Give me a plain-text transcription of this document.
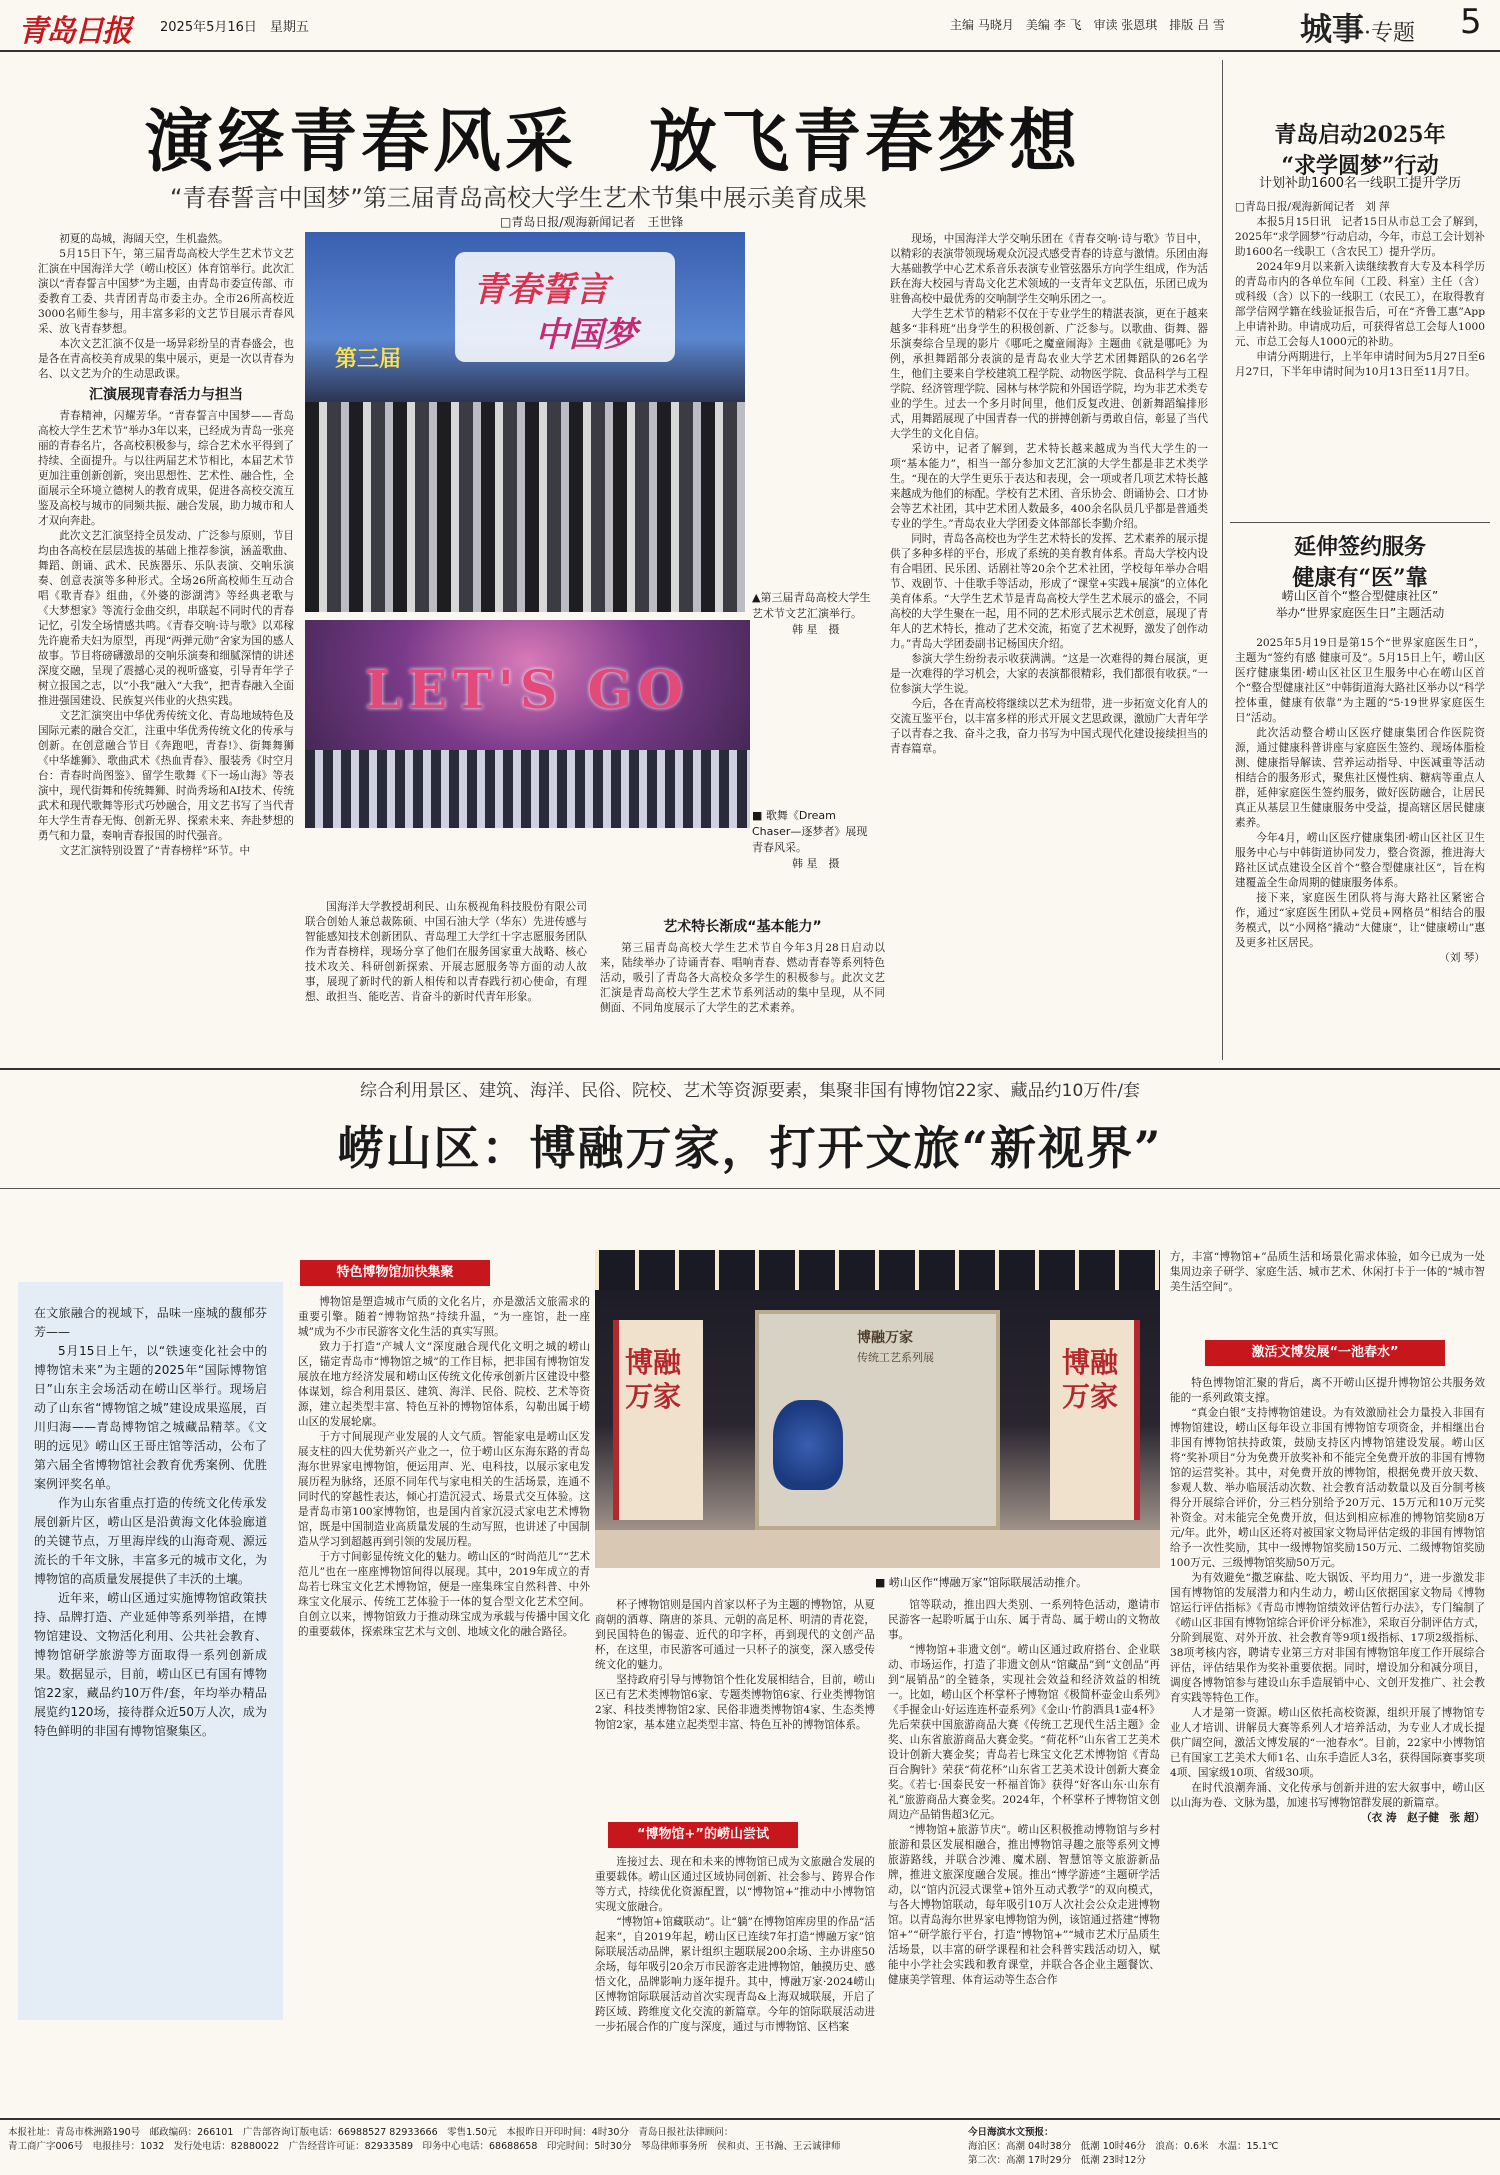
青岛日报 2025年5月16日　星期五	主编 马晓月　美编 李 飞　审读 张恩琪　排版 吕 雪 城事·专题 5
演绎青春风采　放飞青春梦想
“青春誓言中国梦”第三届青岛高校大学生艺术节集中展示美育成果
□青岛日报/观海新闻记者　王世锋

初夏的岛城，海阔天空，生机盎然。

5月15日下午，第三届青岛高校大学生艺术节文艺汇演在中国海洋大学（崂山校区）体育馆举行。此次汇演以“青春誓言中国梦”为主题，由青岛市委宣传部、市委教育工委、共青团青岛市委主办。全市26所高校近3000名师生参与，用丰富多彩的文艺节目展示青春风采、放飞青春梦想。

本次文艺汇演不仅是一场异彩纷呈的青春盛会，也是各在青高校美育成果的集中展示，更是一次以青春为名、以文艺为介的生动思政课。

汇演展现青春活力与担当

青春精神，闪耀芳华。“青春誓言中国梦——青岛高校大学生艺术节”举办3年以来，已经成为青岛一张亮丽的青春名片，各高校积极参与，综合艺术水平得到了持续、全面提升。与以往两届艺术节相比，本届艺术节更加注重创新创新，突出思想性、艺术性、融合性，全面展示全环境立德树人的教育成果，促进各高校交流互鉴及高校与城市的同频共振、融合发展，助力城市和人才双向奔赴。

此次文艺汇演坚持全员发动、广泛参与原则，节目均由各高校在层层选拔的基础上推荐参演，涵盖歌曲、舞蹈、朗诵、武术、民族器乐、乐队表演、交响乐演奏、创意表演等多种形式。全场26所高校师生互动合唱《歌青春》组曲，《外婆的澎湖湾》等经典老歌与《大梦想家》等流行金曲交织，串联起不同时代的青春记忆，引发全场情感共鸣。《青春交响·诗与歌》以邓稼先许鹿希夫妇为原型，再现“两弹元勋”舍家为国的感人故事。节目将磅礴激昂的交响乐演奏和细腻深情的讲述深度交融，呈现了震撼心灵的视听盛宴，引导青年学子树立报国之志，以“小我”融入“大我”，把青春融入全面推进强国建设、民族复兴伟业的火热实践。

文艺汇演突出中华优秀传统文化、青岛地域特色及国际元素的融合交汇，注重中华优秀传统文化的传承与创新。在创意融合节目《奔跑吧，青春!》、街舞舞狮《中华雄狮》、歌曲武术《热血青春》、服装秀《时空月台：青春时尚图鉴》、留学生歌舞《下一场山海》等表演中，现代街舞和传统舞狮、时尚秀场和AI技术、传统武术和现代歌舞等形式巧妙融合，用文艺书写了当代青年大学生青春无悔、创新无界、探索未来、奔赴梦想的勇气和力量，奏响青春报国的时代强音。

文艺汇演特别设置了“青春榜样”环节。中

青春誓言
中国梦
第三届
▲第三届青岛高校大学生艺术节文艺汇演举行。
韩 星　摄
LET'S GO
■ 歌舞《Dream Chaser—逐梦者》展现青春风采。
韩 星　摄

国海洋大学教授胡利民、山东极视角科技股份有限公司联合创始人兼总裁陈硕、中国石油大学（华东）先进传感与智能感知技术创新团队、青岛理工大学红十字志愿服务团队作为青春榜样，现场分享了他们在服务国家重大战略、核心技术攻关、科研创新探索、开展志愿服务等方面的动人故事，展现了新时代的新人相传和以青春践行初心使命，有理想、敢担当、能吃苦、肯奋斗的新时代青年形象。

艺术特长渐成“基本能力”

第三届青岛高校大学生艺术节自今年3月28日启动以来，陆续举办了诗诵青春、唱响青春、燃动青春等系列特色活动，吸引了青岛各大高校众多学生的积极参与。此次文艺汇演是青岛高校大学生艺术节系列活动的集中呈现，从不同侧面、不同角度展示了大学生的艺术素养。

现场，中国海洋大学交响乐团在《青春交响·诗与歌》节目中，以精彩的表演带领现场观众沉浸式感受青春的诗意与激情。乐团由海大基础教学中心艺术系音乐表演专业管弦器乐方向学生组成，作为活跃在海大校园与青岛文化艺术领域的一支青年文艺队伍，乐团已成为驻鲁高校中最优秀的交响制学生交响乐团之一。

大学生艺术节的精彩不仅在于专业学生的精湛表演，更在于越来越多“非科班”出身学生的积极创新、广泛参与。以歌曲、街舞、器乐演奏综合呈现的影片《哪吒之魔童闹海》主题曲《就是哪吒》为例，承担舞蹈部分表演的是青岛农业大学艺术团舞蹈队的26名学生，他们主要来自学校建筑工程学院、动物医学院、食品科学与工程学院、经济管理学院、园林与林学院和外国语学院，均为非艺术类专业的学生。过去一个多月时间里，他们反复改进、创新舞蹈编排形式，用舞蹈展现了中国青春一代的拼搏创新与勇敢自信，彰显了当代大学生的文化自信。

采访中，记者了解到，艺术特长越来越成为当代大学生的一项“基本能力”，相当一部分参加文艺汇演的大学生都是非艺术类学生。“现在的大学生更乐于表达和表现，会一项或者几项艺术特长越来越成为他们的标配。学校有艺术团、音乐协会、朗诵协会、口才协会等艺术社团，其中艺术团人数最多，400余名队员几乎都是普通类专业的学生。”青岛农业大学团委文体部部长李勤介绍。

同时，青岛各高校也为学生艺术特长的发挥、艺术素养的展示提供了多种多样的平台，形成了系统的美育教育体系。青岛大学校内设有合唱团、民乐团、话剧社等20余个艺术社团，学校每年举办合唱节、戏剧节、十佳歌手等活动，形成了“课堂+实践+展演”的立体化美育体系。“大学生艺术节是青岛高校大学生艺术展示的盛会，不同高校的大学生聚在一起，用不同的艺术形式展示艺术创意，展现了青年人的艺术特长，推动了艺术交流，拓宽了艺术视野，激发了创作动力。”青岛大学团委副书记杨国庆介绍。

参演大学生纷纷表示收获满满。“这是一次难得的舞台展演，更是一次难得的学习机会，大家的表演都很精彩，我们都很有收获。”一位参演大学生说。

今后，各在青高校将继续以艺术为纽带，进一步拓宽文化育人的交流互鉴平台，以丰富多样的形式开展文艺思政课，激励广大青年学子以青春之我、奋斗之我，奋力书写为中国式现代化建设接续担当的青春篇章。

青岛启动2025年
“求学圆梦”行动
计划补助1600名一线职工提升学历
□青岛日报/观海新闻记者　刘 萍

本报5月15日讯　记者15日从市总工会了解到，2025年“求学圆梦”行动启动，今年，市总工会计划补助1600名一线职工（含农民工）提升学历。

2024年9月以来新入读继续教育大专及本科学历的青岛市内的各单位车间（工段、科室）主任（含）或科级（含）以下的一线职工（农民工），在取得教育部学信网学籍在线验证报告后，可在“齐鲁工惠”App上申请补助。申请成功后，可获得省总工会每人1000元、市总工会每人1000元的补助。

申请分两期进行，上半年申请时间为5月27日至6月27日，下半年申请时间为10月13日至11月7日。

延伸签约服务
健康有“医”靠
崂山区首个“整合型健康社区”
举办“世界家庭医生日”主题活动

2025年5月19日是第15个“世界家庭医生日”，主题为“签约有感 健康可及”。5月15日上午，崂山区医疗健康集团·崂山区社区卫生服务中心在崂山区首个“整合型健康社区”中韩街道海大路社区举办以“科学控体重，健康有依靠”为主题的“5·19世界家庭医生日”活动。

此次活动整合崂山区医疗健康集团合作医院资源，通过健康科普讲座与家庭医生签约、现场体脂检测、健康指导解读、营养运动指导、中医减重等活动相结合的服务形式，聚焦社区慢性病、糖病等重点人群，延伸家庭医生签约服务，做好医防融合，让居民真正从基层卫生健康服务中受益，提高辖区居民健康素养。

今年4月，崂山区医疗健康集团·崂山区社区卫生服务中心与中韩街道协同发力，整合资源，推进海大路社区试点建设全区首个“整合型健康社区”，旨在构建覆盖全生命周期的健康服务体系。

接下来，家庭医生团队将与海大路社区紧密合作，通过“家庭医生团队+党员+网格员”相结合的服务模式，以“小网格”撬动“大健康”，让“健康崂山”惠及更多社区居民。

（刘 琴）
综合利用景区、建筑、海洋、民俗、院校、艺术等资源要素，集聚非国有博物馆22家、藏品约10万件/套
崂山区：博融万家，打开文旅“新视界”

在文旅融合的视域下，品味一座城的馥郁芬芳——

5月15日上午，以“铁速变化社会中的博物馆未来”为主题的2025年“国际博物馆日”山东主会场活动在崂山区举行。现场启动了山东省“博物馆之城”建设成果巡展，百川归海——青岛博物馆之城藏品精萃。《文明的远见》崂山区王哥庄馆等活动，公布了第六届全省博物馆社会教育优秀案例、优胜案例评奖名单。

作为山东省重点打造的传统文化传承发展创新片区，崂山区是沿黄海文化体验廊道的关键节点，万里海岸线的山海奇观、源远流长的千年文脉，丰富多元的城市文化，为博物馆的高质量发展提供了丰沃的土壤。

近年来，崂山区通过实施博物馆政策扶持、品牌打造、产业延伸等系列举措，在博物馆建设、文物活化利用、公共社会教育、博物馆研学旅游等方面取得一系列创新成果。数据显示，目前，崂山区已有国有博物馆22家，藏品约10万件/套，年均举办精品展览约120场，接待群众近50万人次，成为特色鲜明的非国有博物馆聚集区。

特色博物馆加快集聚

博物馆是塑造城市气质的文化名片，亦是激活文旅需求的重要引擎。随着“博物馆热”持续升温，“为一座馆，赴一座城”成为不少市民游客文化生活的真实写照。

致力于打造“产城人文”深度融合现代化文明之城的崂山区，锚定青岛市“博物馆之城”的工作目标，把非国有博物馆发展放在地方经济发展和崂山区传统文化传承创新片区建设中整体谋划，综合利用景区、建筑、海洋、民俗、院校、艺术等资源，建立起类型丰富、特色互补的博物馆体系，勾勒出属于崂山区的发展轮廓。

于方寸间展现产业发展的人文气质。智能家电是崂山区发展支柱的四大优势新兴产业之一，位于崂山区东海东路的青岛海尔世界家电博物馆，便运用声、光、电科技，以展示家电发展历程为脉络，还原不同年代与家电相关的生活场景，连通不同时代的穿越性表达，倾心打造沉浸式、场景式交互体验。这是青岛市第100家博物馆，也是国内首家沉浸式家电艺术博物馆，既是中国制造业高质量发展的生动写照，也讲述了中国制造从学习到超越再到引领的发展历程。

于方寸间彰显传统文化的魅力。崂山区的“时尚范儿”“艺术范儿”也在一座座博物馆间得以展现。其中，2019年成立的青岛若七珠宝文化艺术博物馆，便是一座集珠宝自然科普、中外珠宝文化展示、传统工艺体验于一体的复合型文化艺术空间。自创立以来，博物馆致力于推动珠宝成为承载与传播中国文化的重要载体，探索珠宝艺术与文创、地域文化的融合路径。

博融
万家
博融万家
传统工艺系列展	博融
万家
■ 崂山区作“博融万家”馆际联展活动推介。

杯子博物馆则是国内首家以杯子为主题的博物馆，从夏商朝的酒尊、隋唐的茶具、元朝的高足杯、明清的青花瓷，到民国特色的锡壶、近代的印字杯，再到现代的文创产品杯，在这里，市民游客可通过一只杯子的演变，深入感受传统文化的魅力。

坚持政府引导与博物馆个性化发展相结合，目前，崂山区已有艺术类博物馆6家、专题类博物馆6家、行业类博物馆2家、科技类博物馆2家、民俗非遗类博物馆4家、生态类博物馆2家，基本建立起类型丰富、特色互补的博物馆体系。

“博物馆+”的崂山尝试

连接过去、现在和未来的博物馆已成为文旅融合发展的重要载体。崂山区通过区域协同创新、社会参与、跨界合作等方式，持续优化资源配置，以“博物馆+”推动中小博物馆实现文旅融合。

“博物馆+馆藏联动”。让“躺”在博物馆库房里的作品“活起来”，自2019年起，崂山区已连续7年打造“博融万家”馆际联展活动品牌，累计组织主题联展200余场、主办讲座50余场，每年吸引20余万市民游客走进博物馆，触摸历史、感悟文化，品牌影响力逐年提升。其中，博融万家·2024崂山区博物馆际联展活动首次实现青岛&上海双城联展，开启了跨区域、跨维度文化交流的新篇章。今年的馆际联展活动进一步拓展合作的广度与深度，通过与市博物馆、区档案

馆等联动，推出四大类别、一系列特色活动，邀请市民游客一起聆听属于山东、属于青岛、属于崂山的文物故事。

“博物馆+非遗文创”。崂山区通过政府搭台、企业联动、市场运作，打造了非遗文创从“馆藏品”到“文创品”再到“展销品”的全链条，实现社会效益和经济效益的相统一。比如，崂山区个杯掌杯子博物馆《极简杯壶金山系列》《手握金山·好运连连杯壶系列》《金山·竹韵酒具1壶4杯》先后荣获中国旅游商品大赛《传统工艺现代生活主题》金奖、山东省旅游商品大赛金奖。“荷花杯”山东省工艺美术设计创新大赛金奖；青岛若七珠宝文化艺术博物馆《青岛百合胸针》荣获“荷花杯”山东省工艺美术设计创新大赛金奖。《若七·国泰民安一杯福首饰》获得“好客山东·山东有礼”旅游商品大赛金奖。2024年，个杯掌杯子博物馆文创周边产品销售超3亿元。

“博物馆+旅游节庆”。崂山区积极推动博物馆与乡村旅游和景区发展相融合，推出博物馆寻趣之旅等系列文博旅游路线，并联合沙滩、魔术剧、智慧馆等文旅游新品牌，推进文旅深度融合发展。推出“博学游迹”主题研学活动，以“馆内沉浸式课堂+馆外互动式教学”的双向模式，与各大博物馆联动，每年吸引10万人次社会公众走进博物馆。以青岛海尔世界家电博物馆为例，该馆通过搭建“博物馆+”“研学旅行平台，打造“博物馆+”“城市艺术厅品质生活场景，以丰富的研学课程和社会科普实践活动切入，赋能中小学社会实践和教育课堂，并联合各企业主题餐饮、健康美学管理、体育运动等生态合作

方，丰富“博物馆+”品质生活和场景化需求体验，如今已成为一处集周边亲子研学、家庭生活、城市艺术、休闲打卡于一体的“城市智美生活空间”。

激活文博发展“一池春水”

特色博物馆汇聚的背后，离不开崂山区提升博物馆公共服务效能的一系列政策支撑。

“真金白银”支持博物馆建设。为有效激励社会力量投入非国有博物馆建设，崂山区每年设立非国有博物馆专项资金，并相继出台非国有博物馆扶持政策，鼓励支持区内博物馆建设发展。崂山区将“奖补项目”分为免费开放奖补和不能完全免费开放的非国有博物馆的运营奖补。其中，对免费开放的博物馆，根据免费开放天数、参观人数、举办临展活动次数、社会教育活动数量以及百分制考核得分开展综合评价，分三档分别给予20万元、15万元和10万元奖补资金。对未能完全免费开放，但达到相应标准的博物馆奖励8万元/年。此外，崂山区还将对被国家文物局评估定级的非国有博物馆给予一次性奖励，其中一级博物馆奖励150万元、二级博物馆奖励100万元、三级博物馆奖励50万元。

为有效避免“撒芝麻盐、吃大锅饭、平均用力”，进一步激发非国有博物馆的发展潜力和内生动力，崂山区依据国家文物局《博物馆运行评估指标》《青岛市博物馆绩效评估暂行办法》，专门编制了《崂山区非国有博物馆综合评价评分标准》，采取百分制评估方式，分阶到展览、对外开放、社会教育等9项1级指标、17项2级指标、38项考核内容，聘请专业第三方对非国有博物馆年度工作开展综合评估，评估结果作为奖补重要依据。同时，增设加分和减分项目，调度各博物馆参与建设山东手造展销中心、文创开发推广、社会教育实践等特色工作。

人才是第一资源。崂山区依托高校资源，组织开展了博物馆专业人才培训、讲解员大赛等系列人才培养活动，为专业人才成长提供广阔空间，激活文博发展的“一池春水”。目前，22家中小博物馆已有国家工艺美术大师1名、山东手造匠人3名，获得国际赛事奖项4项、国家级10项、省级30项。

在时代浪潮奔涌、文化传承与创新并进的宏大叙事中，崂山区以山海为卷、文脉为墨，加速书写博物馆群发展的新篇章。

（衣 涛　赵子健　张 超）
本报社址：青岛市株洲路190号　邮政编码：266101　广告部咨询订版电话：66988527 82933666　零售1.50元　本报昨日开印时间：4时30分　青岛日报社法律顾问：
青工商广字006号　电报挂号：1032　发行处电话：82880022　广告经营许可证：82933589　印务中心电话：68688658　印完时间：5时30分　琴岛律师事务所　侯和贞、王书瀚、王云诚律师
今日海滨水文预报：
海泊区：高潮 04时38分　低潮 10时46分　 浪高：0.6米　水温：15.1℃
第二次：高潮 17时29分　低潮 23时12分
